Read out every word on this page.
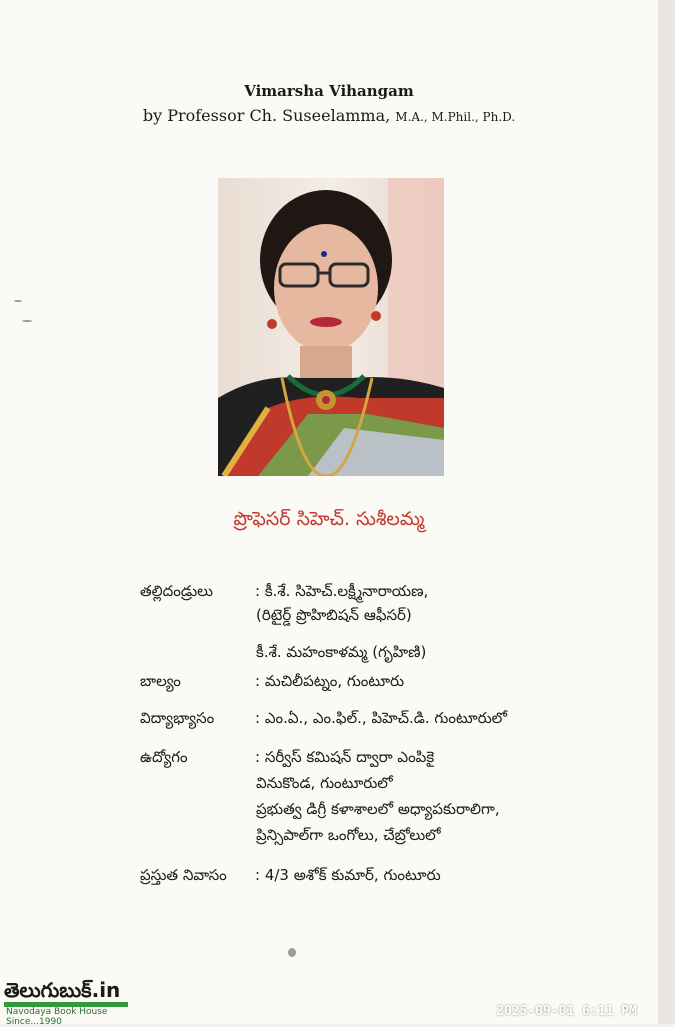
Vimarsha Vihangam
by Professor Ch. Suseelamma, M.A., M.Phil., Ph.D.
ప్రొఫెసర్ సిహెచ్. సుశీలమ్మ
తల్లిదండ్రులు	: కీ.శే. సిహెచ్.లక్ష్మీనారాయణ,
(రిటైర్డ్ ప్రొహిబిషన్ ఆఫీసర్)
కీ.శే. మహంకాళమ్మ (గృహిణి)
బాల్యం	: మచిలీపట్నం, గుంటూరు
విద్యాభ్యాసం	: ఎం.ఏ., ఎం.ఫిల్., పిహెచ్.డి. గుంటూరులో
ఉద్యోగం	: సర్వీస్ కమిషన్ ద్వారా ఎంపికై
వినుకొండ, గుంటూరులో
ప్రభుత్వ డిగ్రీ కళాశాలలో అధ్యాపకురాలిగా,
ప్రిన్సిపాల్‌గా ఒంగోలు, చేబ్రోలులో
ప్రస్తుత నివాసం	: 4/3 అశోక్ కుమార్, గుంటూరు
తెలుగుబుక్.in
Navodaya Book House Since...1990
2025-09-01 6:11 PM
